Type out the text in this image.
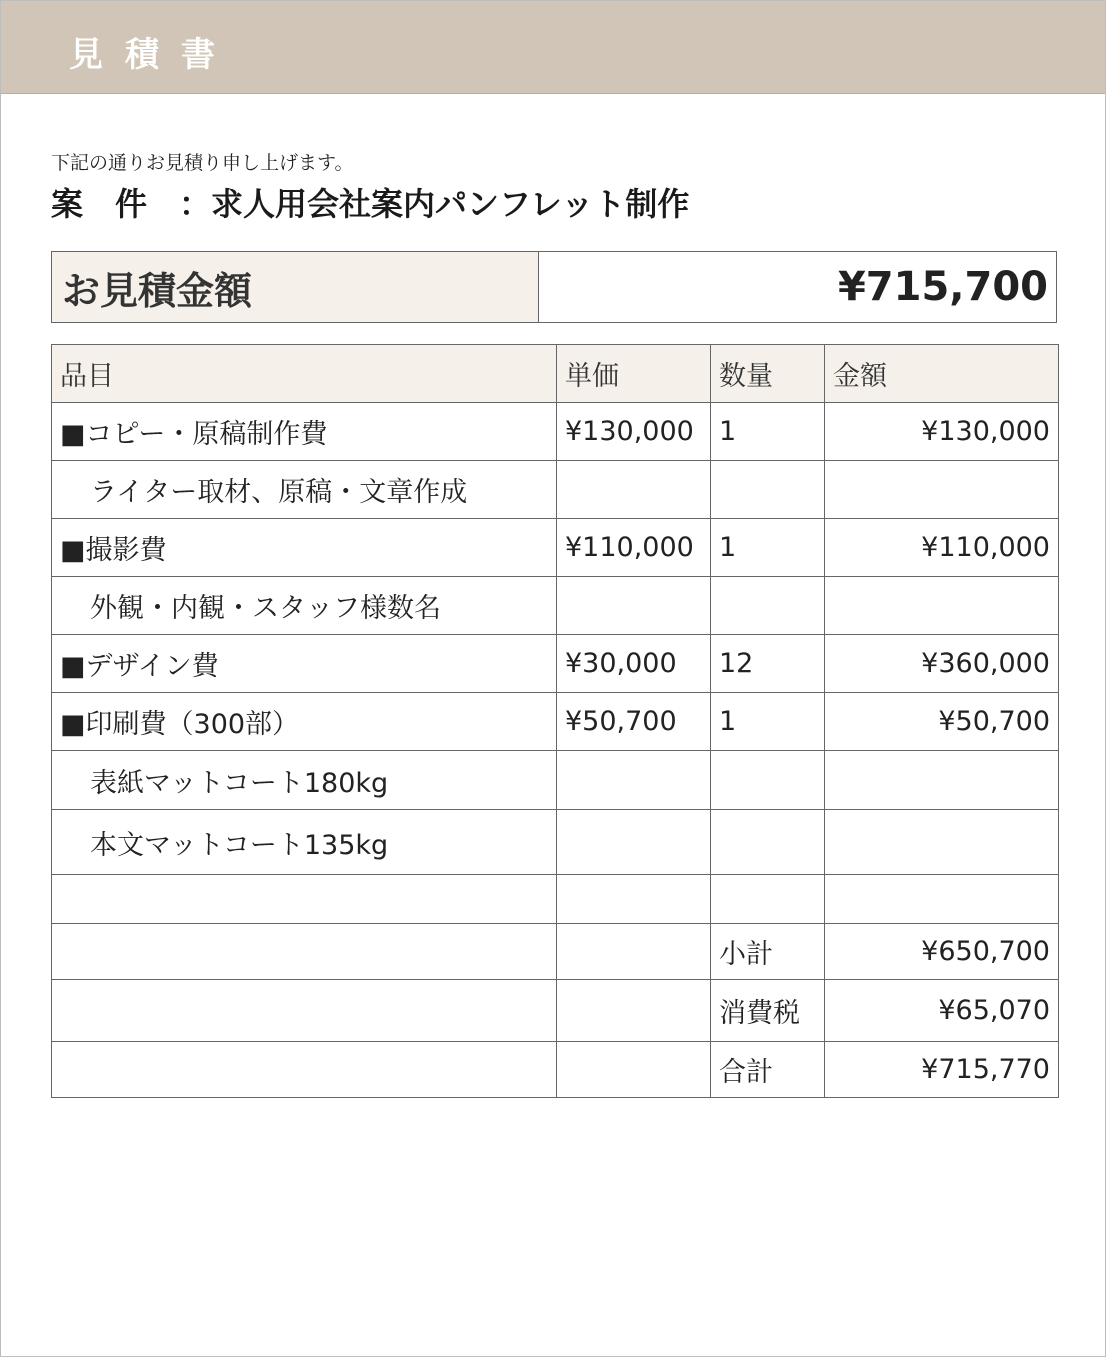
見積書
下記の通りお見積り申し上げます。
案件：求人用会社案内パンフレット制作
お見積金額	¥715,700
品目	単価	数量	金額
■コピー・原稿制作費	¥130,000	1	¥130,000
ライター取材、原稿・文章作成			
■撮影費	¥110,000	1	¥110,000
外観・内観・スタッフ様数名			
■デザイン費	¥30,000	12	¥360,000
■印刷費（300部）	¥50,700	1	¥50,700
表紙マットコート180kg			
本文マットコート135kg			

		小計	¥650,700
		消費税	¥65,070
		合計	¥715,770
